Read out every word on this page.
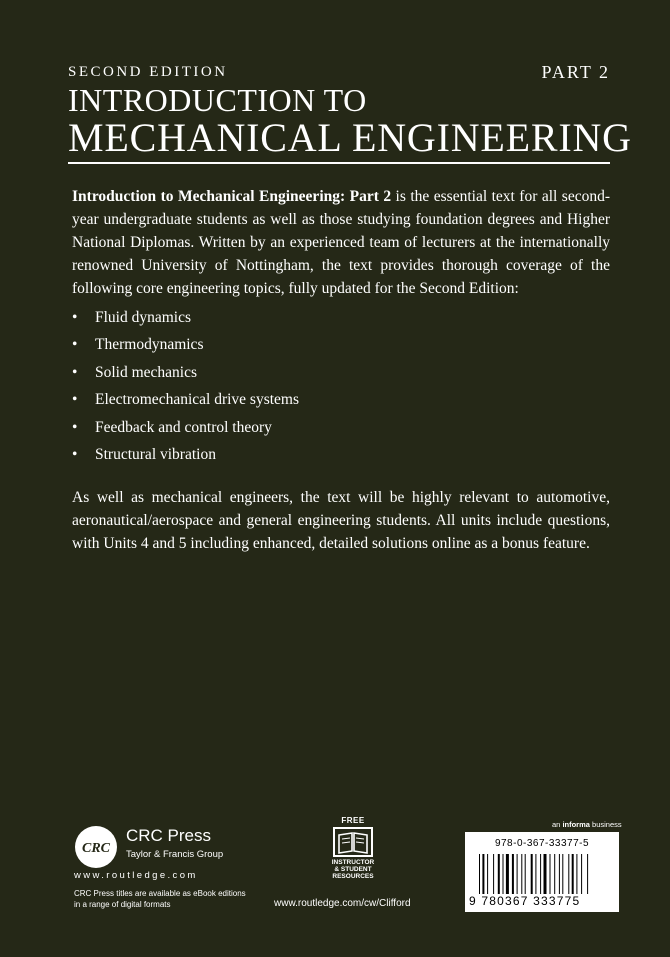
SECOND EDITION	PART 2
INTRODUCTION TO
MECHANICAL ENGINEERING

Introduction to Mechanical Engineering: Part 2 is the essential text for all second-year undergraduate students as well as those studying foundation degrees and Higher National Diplomas. Written by an experienced team of lecturers at the internationally renowned University of Nottingham, the text provides thorough coverage of the following core engineering topics, fully updated for the Second Edition:

• Fluid dynamics
• Thermodynamics
• Solid mechanics
• Electromechanical drive systems
• Feedback and control theory
• Structural vibration

As well as mechanical engineers, the text will be highly relevant to automotive, aeronautical/aerospace and general engineering students. All units include questions, with Units 4 and 5 including enhanced, detailed solutions online as a bonus feature.

CRC
CRC Press
Taylor & Francis Group
www.routledge.com
CRC Press titles are available as eBook editions in a range of digital formats
FREE
INSTRUCTOR
& STUDENT
RESOURCES
www.routledge.com/cw/Clifford
an informa business
978-0-367-33377-5
9 780367 333775
